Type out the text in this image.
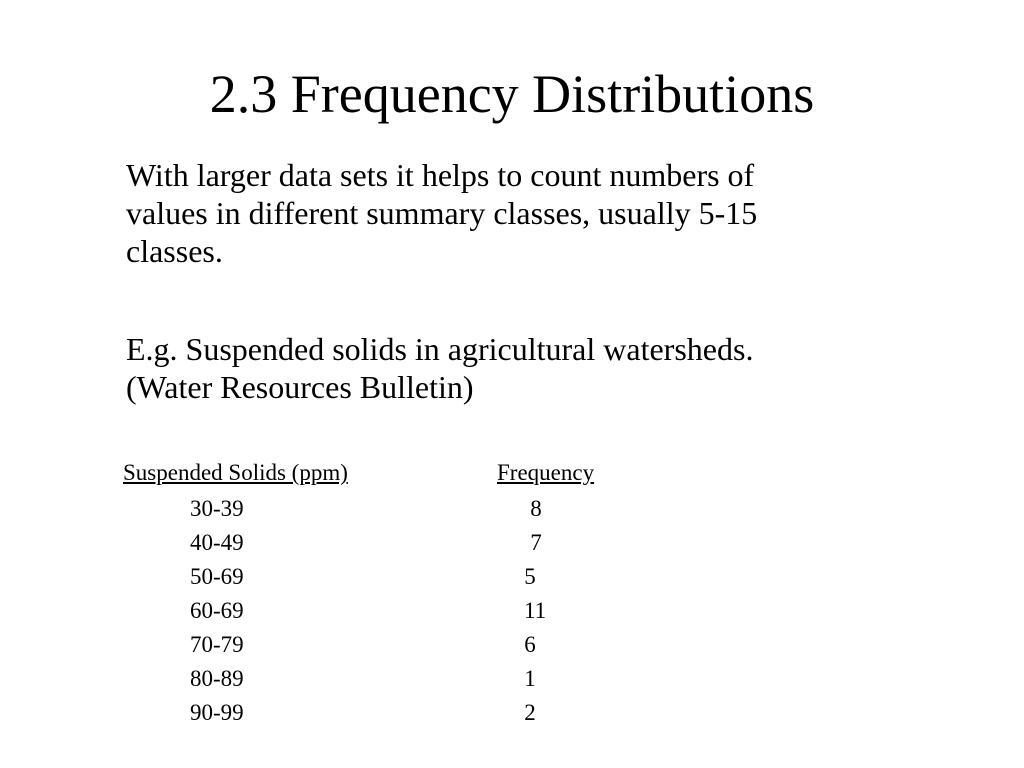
2.3 Frequency Distributions

With larger data sets it helps to count numbers of
values in different summary classes, usually 5-15
classes.

E.g. Suspended solids in agricultural watersheds.
(Water Resources Bulletin)

Suspended Solids (ppm)	Frequency
30-39	8
40-49	7
50-69	5
60-69	11
70-79	6
80-89	1
90-99	2
